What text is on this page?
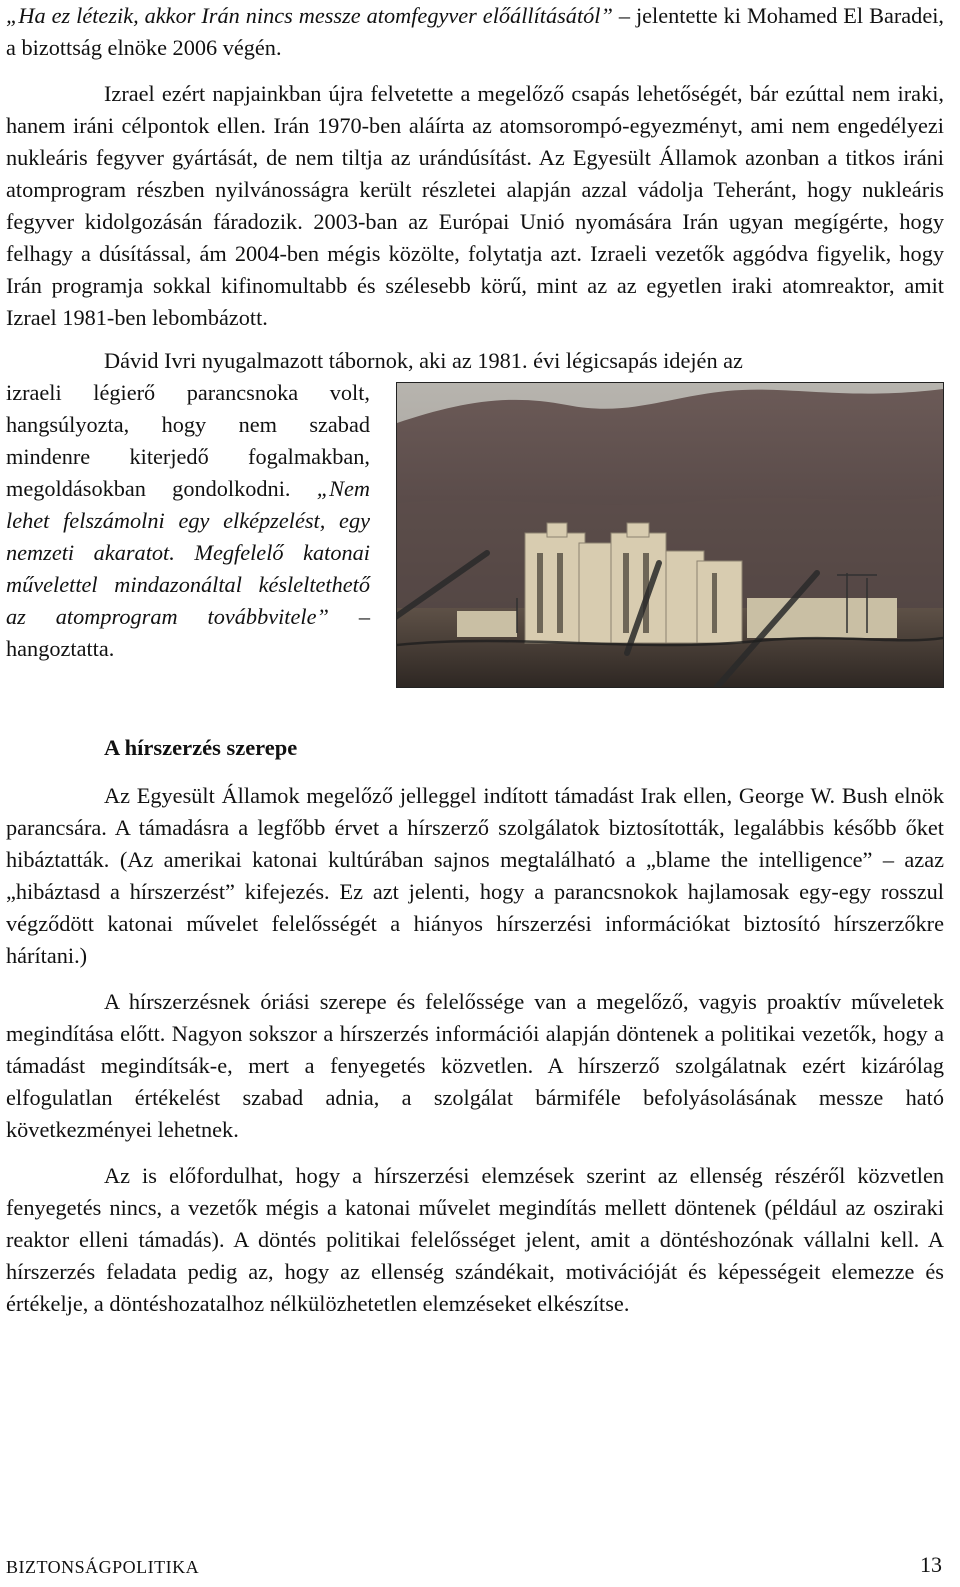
„Ha ez létezik, akkor Irán nincs messze atomfegyver előállításától” – jelentette ki Mohamed El Baradei, a bizottság elnöke 2006 végén.

Izrael ezért napjainkban újra felvetette a megelőző csapás lehetőségét, bár ezúttal nem iraki, hanem iráni célpontok ellen. Irán 1970-ben aláírta az atomsorompó-egyezményt, ami nem engedélyezi nukleáris fegyver gyártását, de nem tiltja az urándúsítást. Az Egyesült Államok azonban a titkos iráni atomprogram részben nyilvánosságra került részletei alapján azzal vádolja Teheránt, hogy nukleáris fegyver kidolgozásán fáradozik. 2003-ban az Európai Unió nyomására Irán ugyan megígérte, hogy felhagy a dúsítással, ám 2004-ben mégis közölte, folytatja azt. Izraeli vezetők aggódva figyelik, hogy Irán programja sokkal kifinomultabb és szélesebb körű, mint az az egyetlen iraki atomreaktor, amit Izrael 1981-ben lebombázott.

Dávid Ivri nyugalmazott tábornok, aki az 1981. évi légicsapás idején az

izraeli légierő parancsnoka volt, hangsúlyozta, hogy nem szabad mindenre kiterjedő fogalmakban, megoldásokban gondolkodni. „Nem lehet felszámolni egy elképzelést, egy nemzeti akaratot. Megfelelő katonai művelettel mindazonáltal késleltethető az atomprogram továbbvitele” – hangoztatta.

A hírszerzés szerepe

Az Egyesült Államok megelőző jelleggel indított támadást Irak ellen, George W. Bush elnök parancsára. A támadásra a legfőbb érvet a hírszerző szolgálatok biztosították, legalábbis később őket hibáztatták. (Az amerikai katonai kultúrában sajnos megtalálható a „blame the intelligence” – azaz „hibáztasd a hírszerzést” kifejezés. Ez azt jelenti, hogy a parancsnokok hajlamosak egy-egy rosszul végződött katonai művelet felelősségét a hiányos hírszerzési információkat biztosító hírszerzőkre hárítani.)

A hírszerzésnek óriási szerepe és felelőssége van a megelőző, vagyis proaktív műveletek megindítása előtt. Nagyon sokszor a hírszerzés információi alapján döntenek a politikai vezetők, hogy a támadást megindítsák-e, mert a fenyegetés közvetlen. A hírszerző szolgálatnak ezért kizárólag elfogulatlan értékelést szabad adnia, a szolgálat bármiféle befolyásolásának messze ható következményei lehetnek.

Az is előfordulhat, hogy a hírszerzési elemzések szerint az ellenség részéről közvetlen fenyegetés nincs, a vezetők mégis a katonai művelet megindítás mellett döntenek (például az osziraki reaktor elleni támadás). A döntés politikai felelősséget jelent, amit a döntéshozónak vállalni kell. A hírszerzés feladata pedig az, hogy az ellenség szándékait, motivációját és képességeit elemezze és értékelje, a döntéshozatalhoz nélkülözhetetlen elemzéseket elkészítse.

BIZTONSÁGPOLITIKA	13
